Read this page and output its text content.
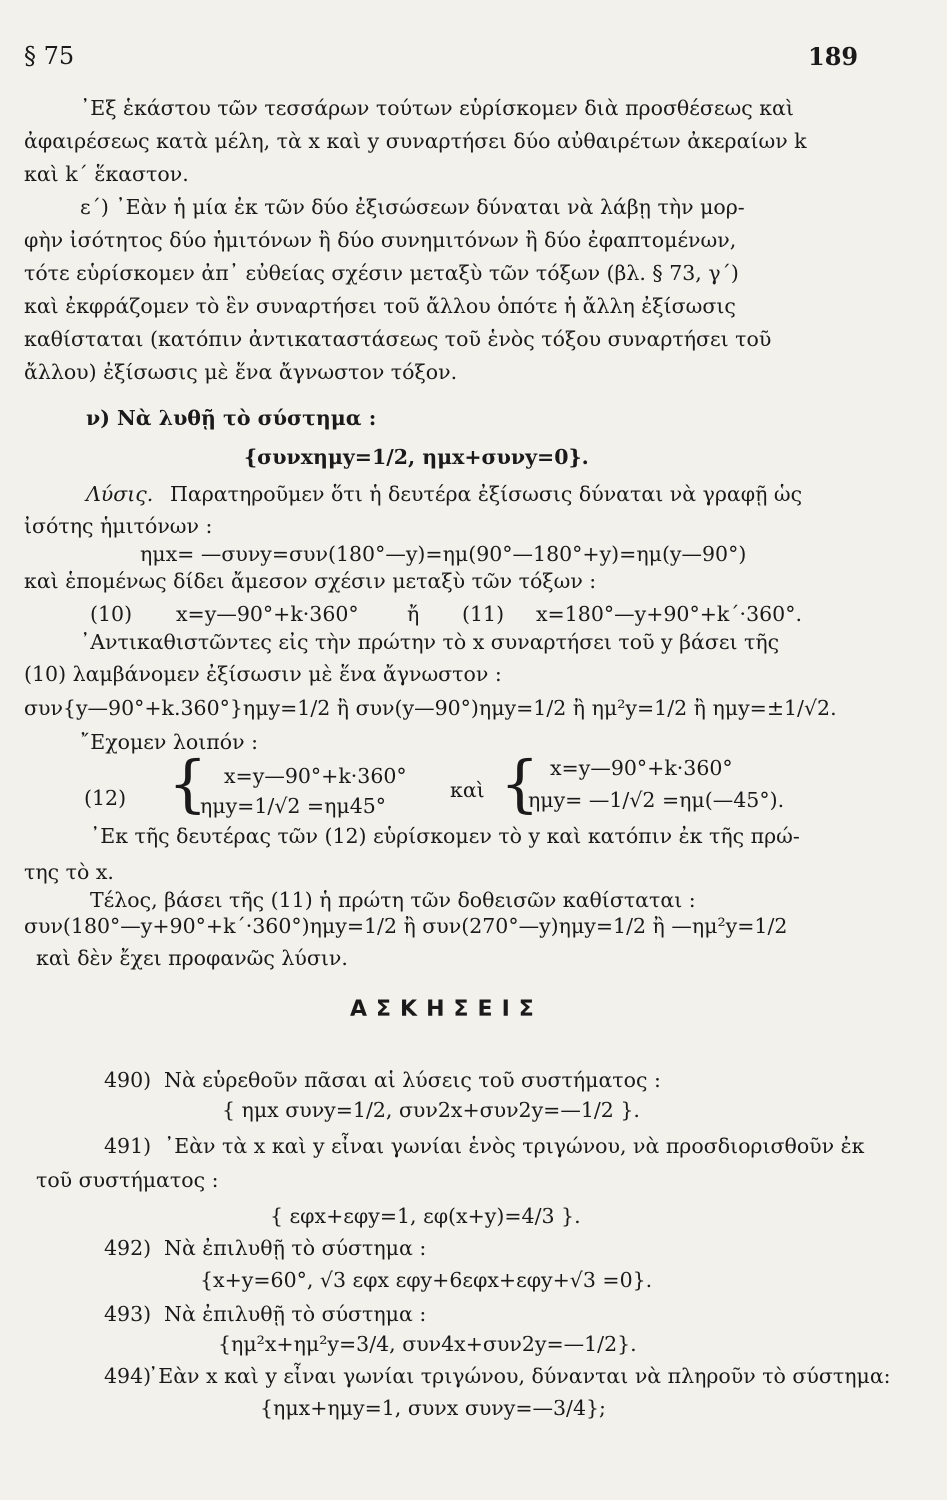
§ 75	189
᾿Εξ ἑκάστου τῶν τεσσάρων τούτων εὑρίσκομεν διὰ προσθέσεως καὶ
ἀφαιρέσεως κατὰ μέλη, τὰ x καὶ y συναρτήσει δύο αὐθαιρέτων ἀκεραίων k
καὶ k΄ ἕκαστον.
ε΄) ᾿Εὰν ἡ μία ἐκ τῶν δύο ἐξισώσεων δύναται νὰ λάβῃ τὴν μορ-
φὴν ἰσότητος δύο ἡμιτόνων ἢ δύο συνημιτόνων ἢ δύο ἐφαπτομένων,
τότε εὑρίσκομεν ἀπ᾿ εὐθείας σχέσιν μεταξὺ τῶν τόξων (βλ. § 73, γ΄)
καὶ ἐκφράζομεν τὸ ἓν συναρτήσει τοῦ ἄλλου ὁπότε ἡ ἄλλη ἐξίσωσις
καθίσταται (κατόπιν ἀντικαταστάσεως τοῦ ἑνὸς τόξου συναρτήσει τοῦ
ἄλλου) ἐξίσωσις μὲ ἕνα ἄγνωστον τόξον.
ν) Νὰ λυθῇ τὸ σύστημα :
{συνxημy=1/2, ημx+συνy=0}.
Λύσις. Παρατηροῦμεν ὅτι ἡ δευτέρα ἐξίσωσις δύναται νὰ γραφῇ ὡς
ἰσότης ἡμιτόνων :
ημx= —συνy=συν(180°—y)=ημ(90°—180°+y)=ημ(y—90°)
καὶ ἑπομένως δίδει ἄμεσον σχέσιν μεταξὺ τῶν τόξων :
(10) x=y—90°+k·360° ἤ (11) x=180°—y+90°+k΄·360°.
᾿Αντικαθιστῶντες εἰς τὴν πρώτην τὸ x συναρτήσει τοῦ y βάσει τῆς
(10) λαμβάνομεν ἐξίσωσιν μὲ ἕνα ἄγνωστον :
συν{y—90°+k.360°}ημy=1/2 ἢ συν(y—90°)ημy=1/2 ἢ ημ²y=1/2 ἢ ημy=±1/√2.
῎Εχομεν λοιπόν :
(12) { x=y—90°+k·360°
ημy=1/√2 =ημ45°
καὶ { x=y—90°+k·360°
ημy= —1/√2 =ημ(—45°).
᾿Εκ τῆς δευτέρας τῶν (12) εὑρίσκομεν τὸ y καὶ κατόπιν ἐκ τῆς πρώ-
της τὸ x.
Τέλος, βάσει τῆς (11) ἡ πρώτη τῶν δοθεισῶν καθίσταται :
συν(180°—y+90°+k΄·360°)ημy=1/2 ἢ συν(270°—y)ημy=1/2 ἢ —ημ²y=1/2
καὶ δὲν ἔχει προφανῶς λύσιν.
ΑΣΚΗΣΕΙΣ
490) Νὰ εὑρεθοῦν πᾶσαι αἱ λύσεις τοῦ συστήματος :
{ ημx συνy=1/2, συν2x+συν2y=—1/2 }.
491) ᾿Εὰν τὰ x καὶ y εἶναι γωνίαι ἑνὸς τριγώνου, νὰ προσδιορισθοῦν ἐκ
τοῦ συστήματος :
{ εφx+εφy=1, εφ(x+y)=4/3 }.
492) Νὰ ἐπιλυθῇ τὸ σύστημα :
{x+y=60°, √3 εφx εφy+6εφx+εφy+√3 =0}.
493) Νὰ ἐπιλυθῇ τὸ σύστημα :
{ημ²x+ημ²y=3/4, συν4x+συν2y=—1/2}.
494)
᾿Εὰν x καὶ y εἶναι γωνίαι τριγώνου, δύνανται νὰ πληροῦν τὸ σύστημα:
{ημx+ημy=1, συνx συνy=—3/4};
